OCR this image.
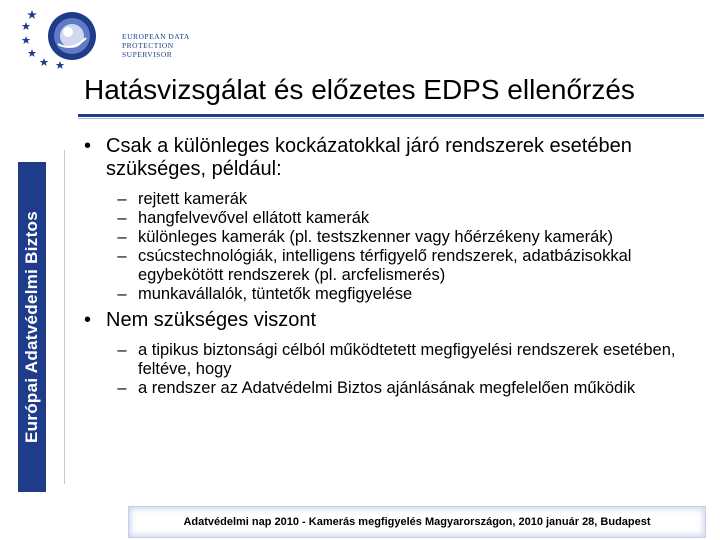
EUROPEAN DATA
PROTECTION SUPERVISOR
Európai Adatvédelmi Biztos
Hatásvizsgálat és előzetes EDPS ellenőrzés
• Csak a különleges kockázatokkal járó rendszerek esetében szükséges, például:
– rejtett kamerák
– hangfelvevővel ellátott kamerák
– különleges kamerák (pl. testszkenner vagy hőérzékeny kamerák)
– csúcstechnológiák, intelligens térfigyelő rendszerek, adatbázisokkal egybekötött rendszerek (pl. arcfelismerés)
– munkavállalók, tüntetők megfigyelése
• Nem szükséges viszont
– a tipikus biztonsági célból működtetett megfigyelési rendszerek esetében, feltéve, hogy
– a rendszer az Adatvédelmi Biztos ajánlásának megfelelően működik
Adatvédelmi nap 2010 - Kamerás megfigyelés Magyarországon, 2010 január 28, Budapest
